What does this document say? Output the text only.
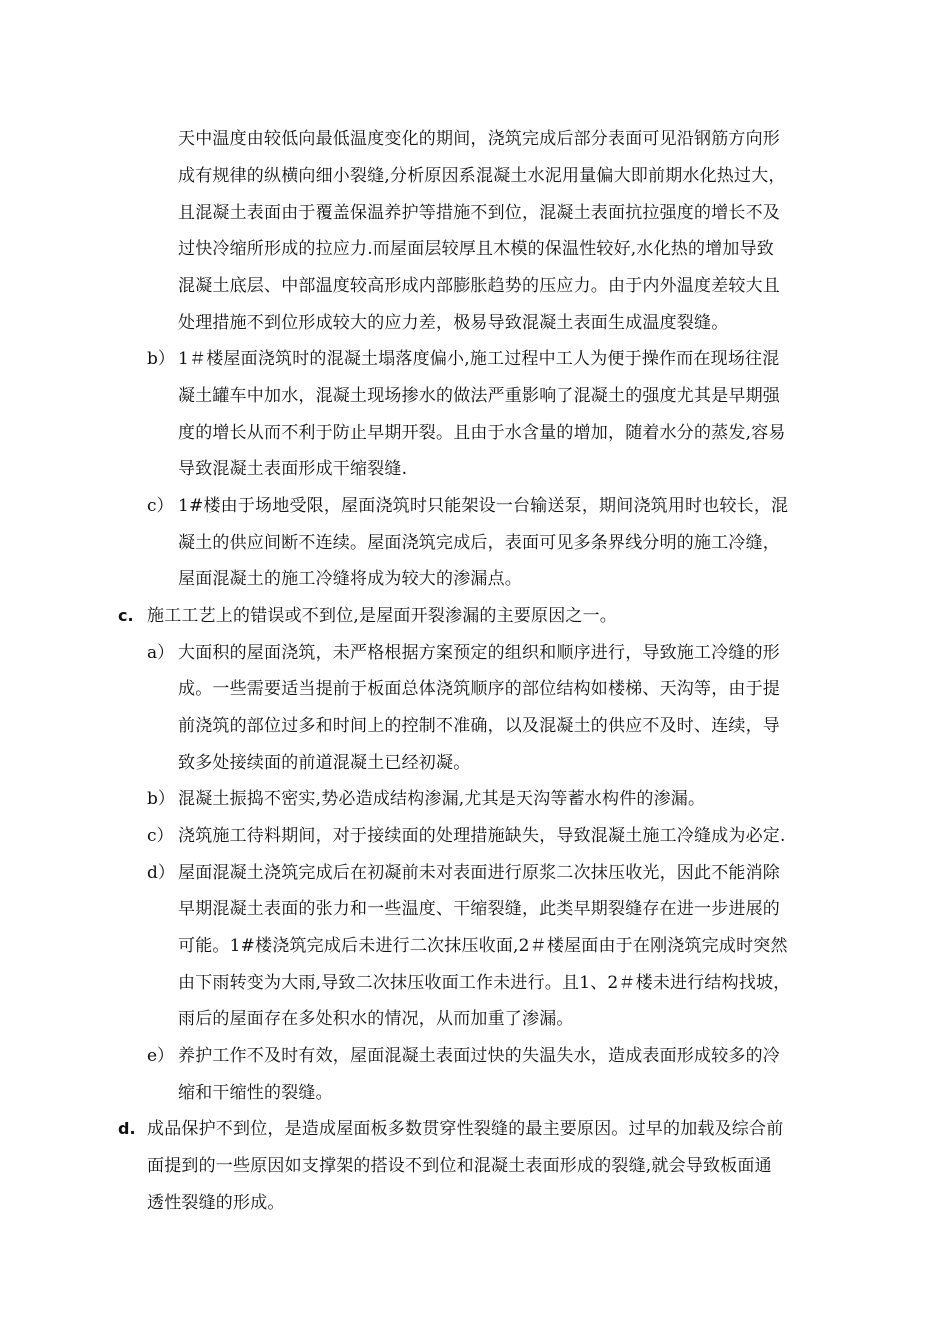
天中温度由较低向最低温度变化的期间，浇筑完成后部分表面可见沿钢筋方向形
成有规律的纵横向细小裂缝,分析原因系混凝土水泥用量偏大即前期水化热过大，
且混凝土表面由于覆盖保温养护等措施不到位，混凝土表面抗拉强度的增长不及
过快冷缩所形成的拉应力.而屋面层较厚且木模的保温性较好,水化热的增加导致
混凝土底层、中部温度较高形成内部膨胀趋势的压应力。由于内外温度差较大且
处理措施不到位形成较大的应力差，极易导致混凝土表面生成温度裂缝。
b） 1＃楼屋面浇筑时的混凝土塌落度偏小,施工过程中工人为便于操作而在现场往混
凝土罐车中加水，混凝土现场掺水的做法严重影响了混凝土的强度尤其是早期强
度的增长从而不利于防止早期开裂。且由于水含量的增加，随着水分的蒸发,容易
导致混凝土表面形成干缩裂缝.
c） 1#楼由于场地受限，屋面浇筑时只能架设一台输送泵，期间浇筑用时也较长，混
凝土的供应间断不连续。屋面浇筑完成后，表面可见多条界线分明的施工冷缝，
屋面混凝土的施工冷缝将成为较大的渗漏点。
c. 施工工艺上的错误或不到位,是屋面开裂渗漏的主要原因之一。
a） 大面积的屋面浇筑，未严格根据方案预定的组织和顺序进行，导致施工冷缝的形
成。一些需要适当提前于板面总体浇筑顺序的部位结构如楼梯、天沟等，由于提
前浇筑的部位过多和时间上的控制不准确，以及混凝土的供应不及时、连续，导
致多处接续面的前道混凝土已经初凝。
b） 混凝土振捣不密实,势必造成结构渗漏,尤其是天沟等蓄水构件的渗漏。
c） 浇筑施工待料期间，对于接续面的处理措施缺失，导致混凝土施工冷缝成为必定.
d） 屋面混凝土浇筑完成后在初凝前未对表面进行原浆二次抹压收光，因此不能消除
早期混凝土表面的张力和一些温度、干缩裂缝，此类早期裂缝存在进一步进展的
可能。1#楼浇筑完成后未进行二次抹压收面,2＃楼屋面由于在刚浇筑完成时突然
由下雨转变为大雨,导致二次抹压收面工作未进行。且1、2＃楼未进行结构找坡，
雨后的屋面存在多处积水的情况，从而加重了渗漏。
e） 养护工作不及时有效，屋面混凝土表面过快的失温失水，造成表面形成较多的冷
缩和干缩性的裂缝。
d. 成品保护不到位，是造成屋面板多数贯穿性裂缝的最主要原因。过早的加载及综合前
面提到的一些原因如支撑架的搭设不到位和混凝土表面形成的裂缝,就会导致板面通
透性裂缝的形成。
